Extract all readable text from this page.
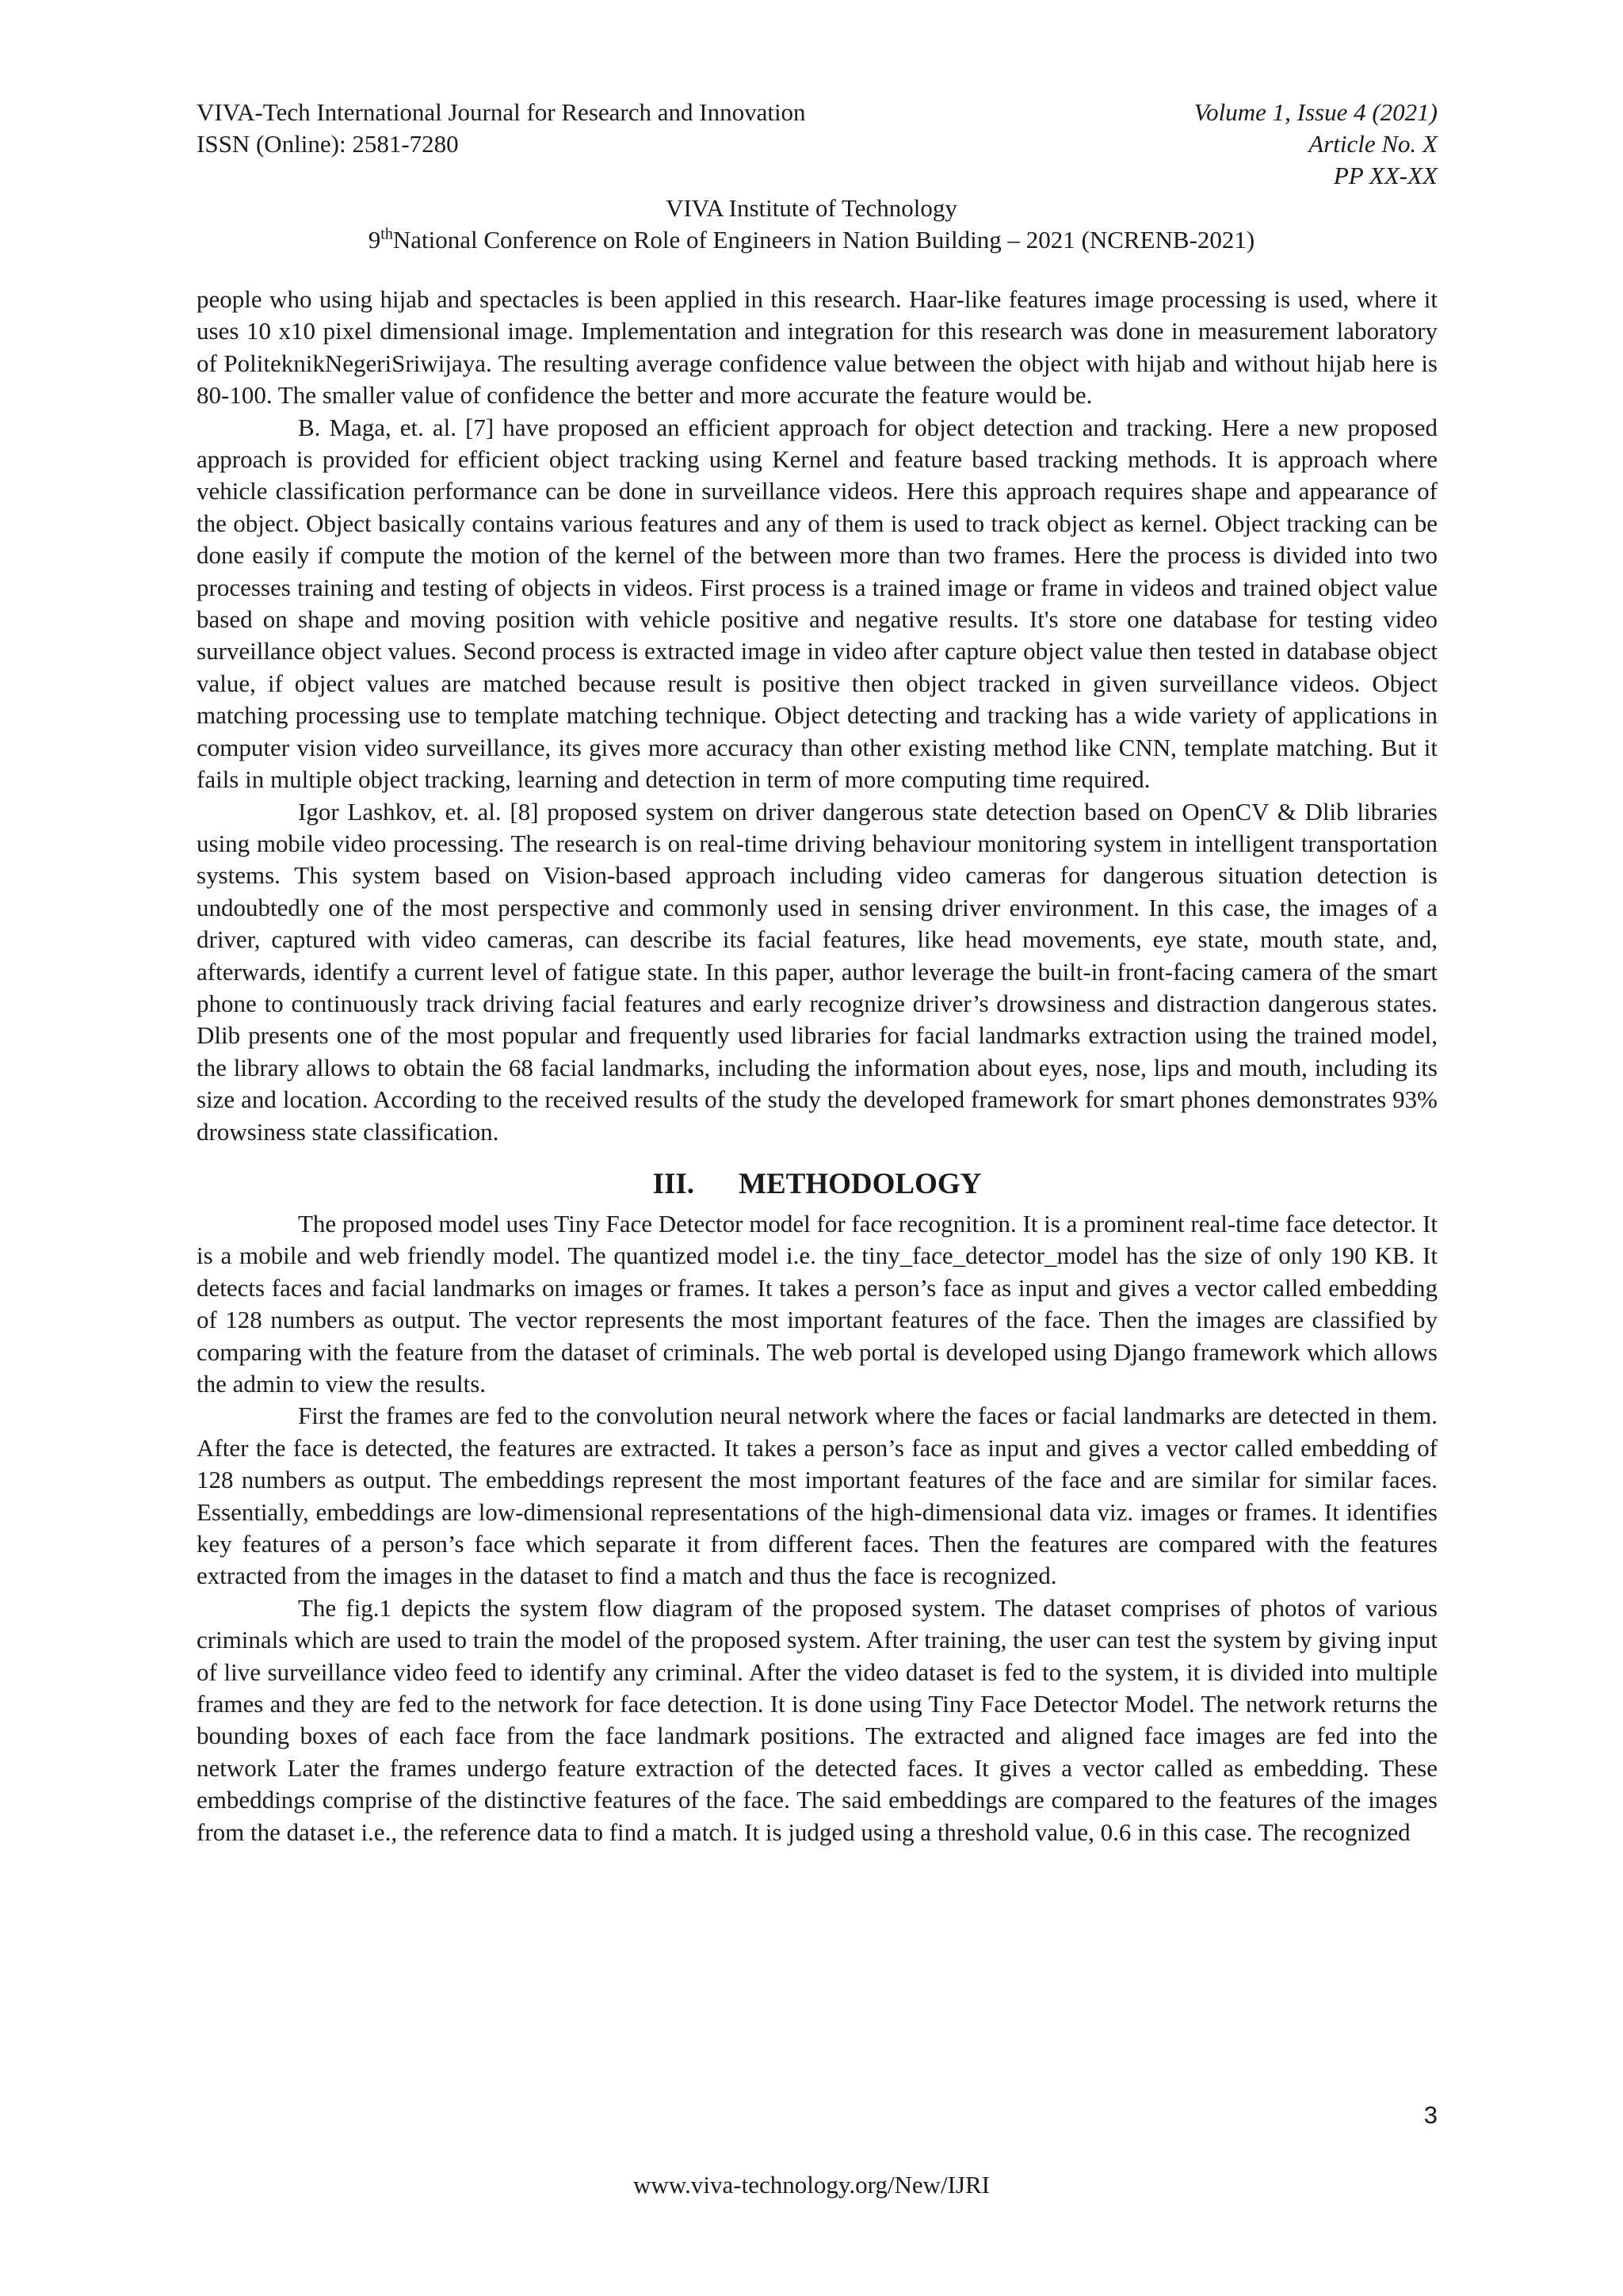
VIVA-Tech International Journal for Research and Innovation
ISSN (Online): 2581-7280
Volume 1, Issue 4 (2021)
Article No. X
PP XX-XX
VIVA Institute of Technology
9thNational Conference on Role of Engineers in Nation Building – 2021 (NCRENB-2021)

people who using hijab and spectacles is been applied in this research. Haar-like features image processing is used, where it uses 10 x10 pixel dimensional image. Implementation and integration for this research was done in measurement laboratory of PoliteknikNegeriSriwijaya. The resulting average confidence value between the object with hijab and without hijab here is 80-100. The smaller value of confidence the better and more accurate the feature would be.

B. Maga, et. al. [7] have proposed an efficient approach for object detection and tracking. Here a new proposed approach is provided for efficient object tracking using Kernel and feature based tracking methods. It is approach where vehicle classification performance can be done in surveillance videos. Here this approach requires shape and appearance of the object. Object basically contains various features and any of them is used to track object as kernel. Object tracking can be done easily if compute the motion of the kernel of the between more than two frames. Here the process is divided into two processes training and testing of objects in videos. First process is a trained image or frame in videos and trained object value based on shape and moving position with vehicle positive and negative results. It's store one database for testing video surveillance object values. Second process is extracted image in video after capture object value then tested in database object value, if object values are matched because result is positive then object tracked in given surveillance videos. Object matching processing use to template matching technique. Object detecting and tracking has a wide variety of applications in computer vision video surveillance, its gives more accuracy than other existing method like CNN, template matching. But it fails in multiple object tracking, learning and detection in term of more computing time required.

Igor Lashkov, et. al. [8] proposed system on driver dangerous state detection based on OpenCV & Dlib libraries using mobile video processing. The research is on real-time driving behaviour monitoring system in intelligent transportation systems. This system based on Vision-based approach including video cameras for dangerous situation detection is undoubtedly one of the most perspective and commonly used in sensing driver environment. In this case, the images of a driver, captured with video cameras, can describe its facial features, like head movements, eye state, mouth state, and, afterwards, identify a current level of fatigue state. In this paper, author leverage the built-in front-facing camera of the smart phone to continuously track driving facial features and early recognize driver’s drowsiness and distraction dangerous states. Dlib presents one of the most popular and frequently used libraries for facial landmarks extraction using the trained model, the library allows to obtain the 68 facial landmarks, including the information about eyes, nose, lips and mouth, including its size and location. According to the received results of the study the developed framework for smart phones demonstrates 93% drowsiness state classification.

III. METHODOLOGY

The proposed model uses Tiny Face Detector model for face recognition. It is a prominent real-time face detector. It is a mobile and web friendly model. The quantized model i.e. the tiny_face_detector_model has the size of only 190 KB. It detects faces and facial landmarks on images or frames. It takes a person’s face as input and gives a vector called embedding of 128 numbers as output. The vector represents the most important features of the face. Then the images are classified by comparing with the feature from the dataset of criminals. The web portal is developed using Django framework which allows the admin to view the results.

First the frames are fed to the convolution neural network where the faces or facial landmarks are detected in them. After the face is detected, the features are extracted. It takes a person’s face as input and gives a vector called embedding of 128 numbers as output. The embeddings represent the most important features of the face and are similar for similar faces. Essentially, embeddings are low-dimensional representations of the high-dimensional data viz. images or frames. It identifies key features of a person’s face which separate it from different faces. Then the features are compared with the features extracted from the images in the dataset to find a match and thus the face is recognized.

The fig.1 depicts the system flow diagram of the proposed system. The dataset comprises of photos of various criminals which are used to train the model of the proposed system. After training, the user can test the system by giving input of live surveillance video feed to identify any criminal. After the video dataset is fed to the system, it is divided into multiple frames and they are fed to the network for face detection. It is done using Tiny Face Detector Model. The network returns the bounding boxes of each face from the face landmark positions. The extracted and aligned face images are fed into the network Later the frames undergo feature extraction of the detected faces. It gives a vector called as embedding. These embeddings comprise of the distinctive features of the face. The said embeddings are compared to the features of the images from the dataset i.e., the reference data to find a match. It is judged using a threshold value, 0.6 in this case. The recognized

3
www.viva-technology.org/New/IJRI
